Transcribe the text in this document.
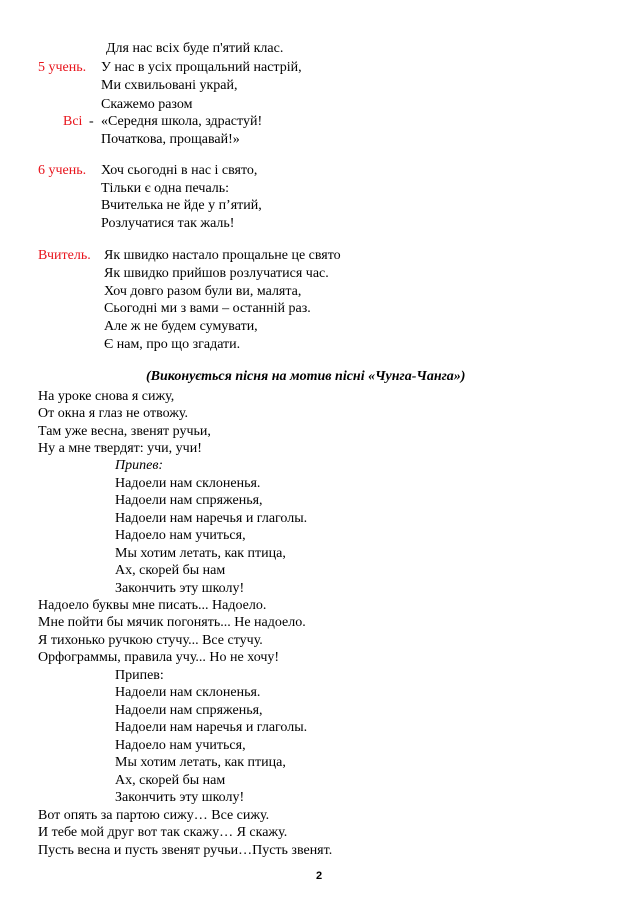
Для нас всіх буде п'ятий клас.
5 учень. У нас в усіх прощальний настрій,
Ми схвильовані украй,
Скажемо разом
Всі - «Середня школа, здрастуй!
Початкова, прощавай!»
6 учень. Хоч сьогодні в нас і свято,
Тільки є одна печаль:
Вчителька не йде у п’ятий,
Розлучатися так жаль!
Вчитель. Як швидко настало прощальне це свято
Як швидко прийшов розлучатися час.
Хоч довго разом були ви, малята,
Сьогодні ми з вами – останній раз.
Але ж не будем сумувати,
Є нам, про що згадати.
(Виконується пісня на мотив пісні «Чунга-Чанга»)
На уроке снова я сижу,
От окна я глаз не отвожу.
Там уже весна, звенят ручьи,
Ну а мне твердят: учи, учи!
Припев:
Надоели нам склоненья.
Надоели нам спряженья,
Надоели нам наречья и глаголы.
Надоело нам учиться,
Мы хотим летать, как птица,
Ах, скорей бы нам
Закончить эту школу!
Надоело буквы мне писать... Надоело.
Мне пойти бы мячик погонять... Не надоело.
Я тихонько ручкою стучу... Все стучу.
Орфограммы, правила учу... Но не хочу!
Припев:
Надоели нам склоненья.
Надоели нам спряженья,
Надоели нам наречья и глаголы.
Надоело нам учиться,
Мы хотим летать, как птица,
Ах, скорей бы нам
Закончить эту школу!
Вот опять за партою сижу… Все сижу.
И тебе мой друг вот так скажу… Я скажу.
Пусть весна и пусть звенят ручьи…Пусть звенят.
2
